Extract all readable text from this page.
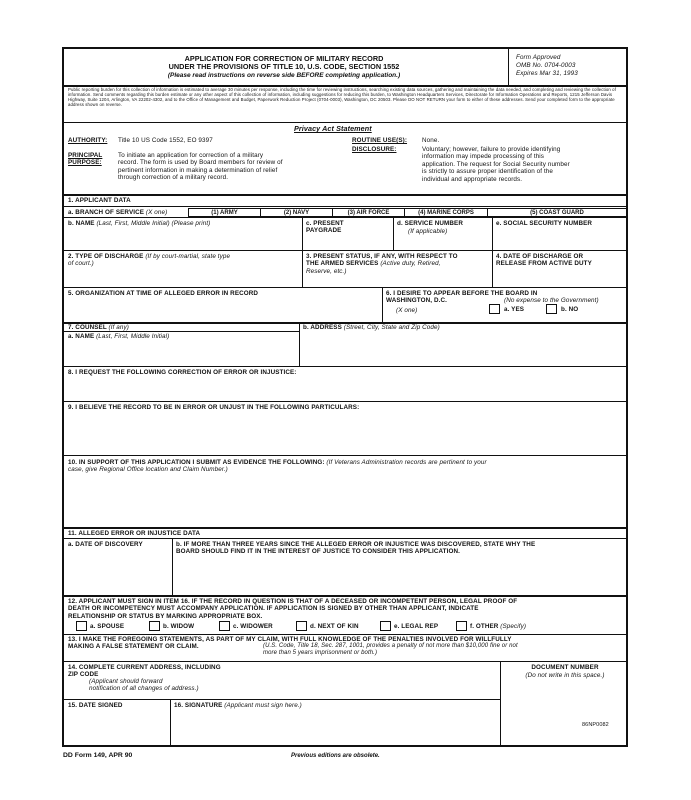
APPLICATION FOR CORRECTION OF MILITARY RECORD
UNDER THE PROVISIONS OF TITLE 10, U.S. CODE, SECTION 1552
(Please read instructions on reverse side BEFORE completing application.)
Form Approved
OMB No. 0704-0003
Expires Mar 31, 1993
Public reporting burden for this collection of information is estimated to average 30 minutes per response, including the time for reviewing instructions, searching existing data sources, gathering and maintaining the data needed, and completing and reviewing the collection of information. Send comments regarding this burden estimate or any other aspect of this collection of information, including suggestions for reducing this burden, to Washington Headquarters Services, Directorate for Information Operations and Reports, 1215 Jefferson Davis Highway, Suite 1204, Arlington, VA 22202-4302, and to the Office of Management and Budget, Paperwork Reduction Project (0704-0003), Washington, DC 20503. Please DO NOT RETURN your form to either of these addresses. Send your completed form to the appropriate address shown on reverse.
Privacy Act Statement
AUTHORITY: Title 10 US Code 1552, EO 9397
PRINCIPAL
PURPOSE:
To initiate an application for correction of a military
record. The form is used by Board members for review of
pertinent information in making a determination of relief
through correction of a military record.
ROUTINE USE(S): None.
DISCLOSURE:	Voluntary; however, failure to provide identifying
information may impede processing of this
application. The request for Social Security number
is strictly to assure proper identification of the
individual and appropriate records.
1. APPLICANT DATA
a. BRANCH OF SERVICE (X one)	(1) ARMY	(2) NAVY	(3) AIR FORCE	(4) MARINE CORPS	(5) COAST GUARD
b. NAME (Last, First, Middle Initial) (Please print)	c. PRESENT
PAYGRADE
d. SERVICE NUMBER
(If applicable)
e. SOCIAL SECURITY NUMBER
2. TYPE OF DISCHARGE (If by court-martial, state type
of court.)
3. PRESENT STATUS, IF ANY, WITH RESPECT TO
THE ARMED SERVICES (Active duty, Retired,
Reserve, etc.)
4. DATE OF DISCHARGE OR
RELEASE FROM ACTIVE DUTY
5. ORGANIZATION AT TIME OF ALLEGED ERROR IN RECORD	6. I DESIRE TO APPEAR BEFORE THE BOARD IN
WASHINGTON, D.C.	(No expense to the Government)
(X one)	a. YES	b. NO
7. COUNSEL (If any)
a. NAME (Last, First, Middle Initial)
b. ADDRESS (Street, City, State and Zip Code)
8. I REQUEST THE FOLLOWING CORRECTION OF ERROR OR INJUSTICE:
9. I BELIEVE THE RECORD TO BE IN ERROR OR UNJUST IN THE FOLLOWING PARTICULARS:
10. IN SUPPORT OF THIS APPLICATION I SUBMIT AS EVIDENCE THE FOLLOWING: (If Veterans Administration records are pertinent to your
case, give Regional Office location and Claim Number.)
11. ALLEGED ERROR OR INJUSTICE DATA
a. DATE OF DISCOVERY	b. IF MORE THAN THREE YEARS SINCE THE ALLEGED ERROR OR INJUSTICE WAS DISCOVERED, STATE WHY THE
BOARD SHOULD FIND IT IN THE INTEREST OF JUSTICE TO CONSIDER THIS APPLICATION.
12. APPLICANT MUST SIGN IN ITEM 16. IF THE RECORD IN QUESTION IS THAT OF A DECEASED OR INCOMPETENT PERSON, LEGAL PROOF OF
DEATH OR INCOMPETENCY MUST ACCOMPANY APPLICATION. IF APPLICATION IS SIGNED BY OTHER THAN APPLICANT, INDICATE
RELATIONSHIP OR STATUS BY MARKING APPROPRIATE BOX.
a. SPOUSE	b. WIDOW	c. WIDOWER	d. NEXT OF KIN	e. LEGAL REP	f. OTHER (Specify)
13. I MAKE THE FOREGOING STATEMENTS, AS PART OF MY CLAIM, WITH FULL KNOWLEDGE OF THE PENALTIES INVOLVED FOR WILLFULLY
MAKING A FALSE STATEMENT OR CLAIM.	(U.S. Code, Title 18, Sec. 287, 1001, provides a penalty of not more than $10,000 fine or not
more than 5 years imprisonment or both.)
14. COMPLETE CURRENT ADDRESS, INCLUDING
ZIP CODE
(Applicant should forward
notification of all changes of address.)
DOCUMENT NUMBER
(Do not write in this space.)
15. DATE SIGNED	16. SIGNATURE (Applicant must sign here.)
86NP0082
DD Form 149, APR 90	Previous editions are obsolete.
